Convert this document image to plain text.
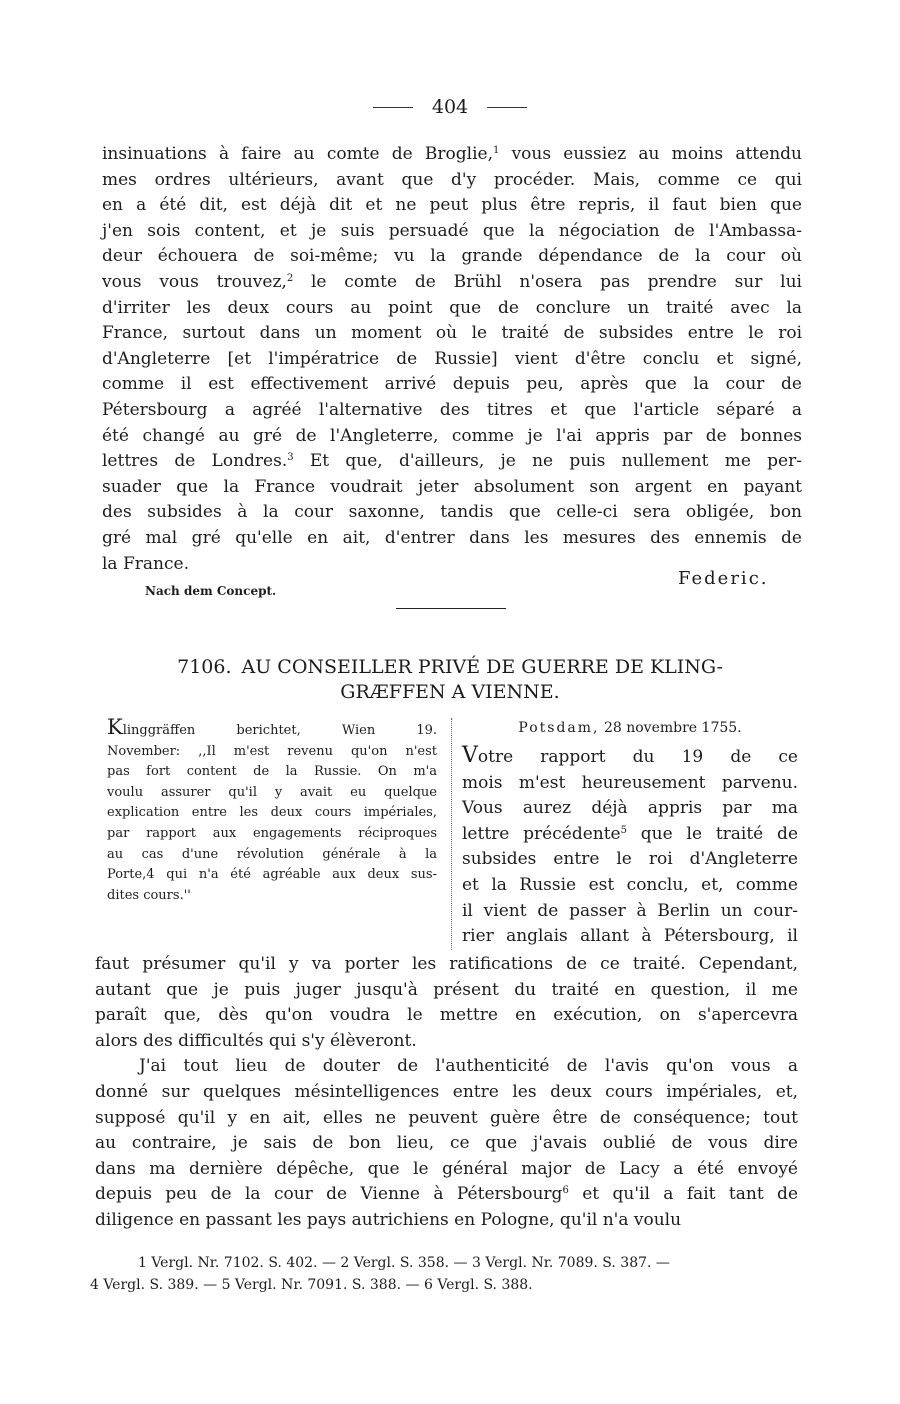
404
insinuations à faire au comte de Broglie,$^1$ vous eussiez au moins attendu
mes ordres ultérieurs, avant que d'y procéder. Mais, comme ce qui
en a été dit, est déjà dit et ne peut plus être repris, il faut bien que
j'en sois content, et je suis persuadé que la négociation de l'Ambassa-
deur échouera de soi-même; vu la grande dépendance de la cour où
vous vous trouvez,$^2$ le comte de Brühl n'osera pas prendre sur lui
d'irriter les deux cours au point que de conclure un traité avec la
France, surtout dans un moment où le traité de subsides entre le roi
d'Angleterre [et l'impératrice de Russie] vient d'être conclu et signé,
comme il est effectivement arrivé depuis peu, après que la cour de
Pétersbourg a agréé l'alternative des titres et que l'article séparé a
été changé au gré de l'Angleterre, comme je l'ai appris par de bonnes
lettres de Londres.$^3$ Et que, d'ailleurs, je ne puis nullement me per-
suader que la France voudrait jeter absolument son argent en payant
des subsides à la cour saxonne, tandis que celle-ci sera obligée, bon
gré mal gré qu'elle en ait, d'entrer dans les mesures des ennemis de
la France.
Federic.
Nach dem Concept.
7106. AU CONSEILLER PRIVÉ DE GUERRE DE KLING-
GRÆFFEN A VIENNE.
Klinggräffen berichtet, Wien 19.
November: ,,Il m'est revenu qu'on n'est
pas fort content de la Russie. On m'a
voulu assurer qu'il y avait eu quelque
explication entre les deux cours impériales,
par rapport aux engagements réciproques
au cas d'une révolution générale à la
Porte,4 qui n'a été agréable aux deux sus-
dites cours.''
Potsdam, 28 novembre 1755.
Votre rapport du 19 de ce
mois m'est heureusement parvenu.
Vous aurez déjà appris par ma
lettre précédente$^5$ que le traité de
subsides entre le roi d'Angleterre
et la Russie est conclu, et, comme
il vient de passer à Berlin un cour-
rier anglais allant à Pétersbourg, il
faut présumer qu'il y va porter les ratifications de ce traité. Cependant,
autant que je puis juger jusqu'à présent du traité en question, il me
paraît que, dès qu'on voudra le mettre en exécution, on s'apercevra
alors des difficultés qui s'y élèveront.
J'ai tout lieu de douter de l'authenticité de l'avis qu'on vous a
donné sur quelques mésintelligences entre les deux cours impériales, et,
supposé qu'il y en ait, elles ne peuvent guère être de conséquence; tout
au contraire, je sais de bon lieu, ce que j'avais oublié de vous dire
dans ma dernière dépêche, que le général major de Lacy a été envoyé
depuis peu de la cour de Vienne à Pétersbourg$^6$ et qu'il a fait tant de
diligence en passant les pays autrichiens en Pologne, qu'il n'a voulu
1 Vergl. Nr. 7102. S. 402. — 2 Vergl. S. 358. — 3 Vergl. Nr. 7089. S. 387. —
4 Vergl. S. 389. — 5 Vergl. Nr. 7091. S. 388. — 6 Vergl. S. 388.
